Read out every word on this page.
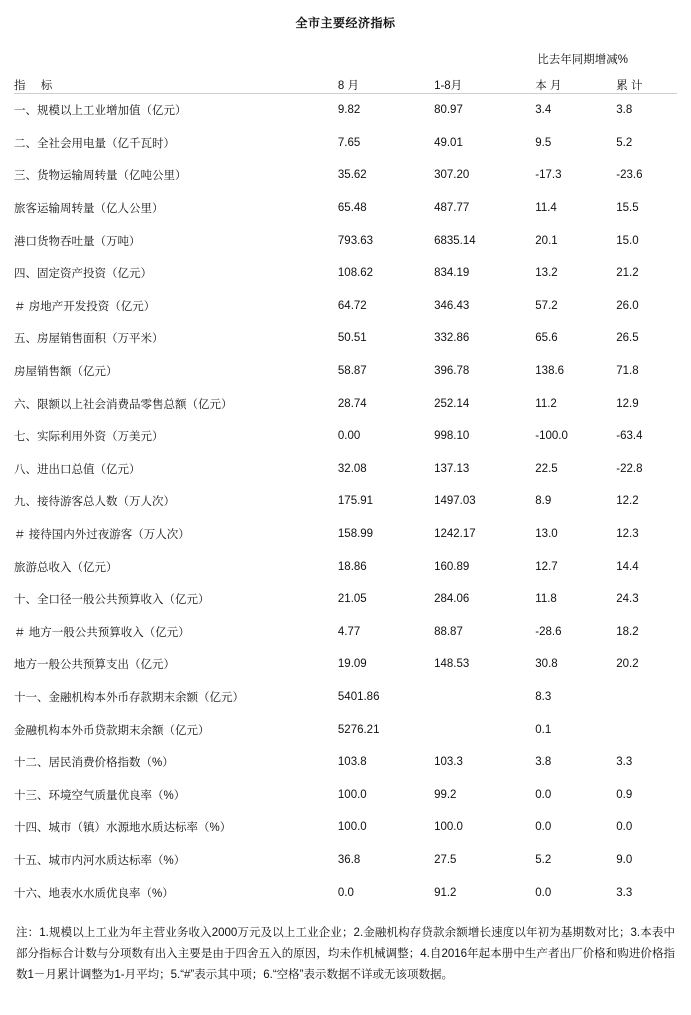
全市主要经济指标
			比去年同期增减%	
指 标	8 月	1-8月	本 月	累 计

一、规模以上工业增加值（亿元）	9.82	80.97	3.4	3.8
二、全社会用电量（亿千瓦时）	7.65	49.01	9.5	5.2
三、货物运输周转量（亿吨公里）	35.62	307.20	-17.3	-23.6
旅客运输周转量（亿人公里）	65.48	487.77	11.4	15.5
港口货物吞吐量（万吨）	793.63	6835.14	20.1	15.0
四、固定资产投资（亿元）	108.62	834.19	13.2	21.2
＃ 房地产开发投资（亿元）	64.72	346.43	57.2	26.0
五、房屋销售面积（万平米）	50.51	332.86	65.6	26.5
房屋销售额（亿元）	58.87	396.78	138.6	71.8
六、限额以上社会消费品零售总额（亿元）	28.74	252.14	11.2	12.9
七、实际利用外资（万美元）	0.00	998.10	-100.0	-63.4
八、进出口总值（亿元）	32.08	137.13	22.5	-22.8
九、接待游客总人数（万人次）	175.91	1497.03	8.9	12.2
＃ 接待国内外过夜游客（万人次）	158.99	1242.17	13.0	12.3
旅游总收入（亿元）	18.86	160.89	12.7	14.4
十、全口径一般公共预算收入（亿元）	21.05	284.06	11.8	24.3
＃ 地方一般公共预算收入（亿元）	4.77	88.87	-28.6	18.2
地方一般公共预算支出（亿元）	19.09	148.53	30.8	20.2
十一、金融机构本外币存款期末余额（亿元）	5401.86		8.3	
金融机构本外币贷款期末余额（亿元）	5276.21		0.1	
十二、居民消费价格指数（%）	103.8	103.3	3.8	3.3
十三、环境空气质量优良率（%）	100.0	99.2	0.0	0.9
十四、城市（镇）水源地水质达标率（%）	100.0	100.0	0.0	0.0
十五、城市内河水质达标率（%）	36.8	27.5	5.2	9.0
十六、地表水水质优良率（%）	0.0	91.2	0.0	3.3
注：1.规模以上工业为年主营业务收入2000万元及以上工业企业；2.金融机构存贷款余额增长速度以年初为基期数对比；3.本表中部分指标合计数与分项数有出入主要是由于四舍五入的原因，均未作机械调整；4.自2016年起本册中生产者出厂价格和购进价格指数1－月累计调整为1-月平均；5.“#”表示其中项；6.“空格”表示数据不详或无该项数据。
